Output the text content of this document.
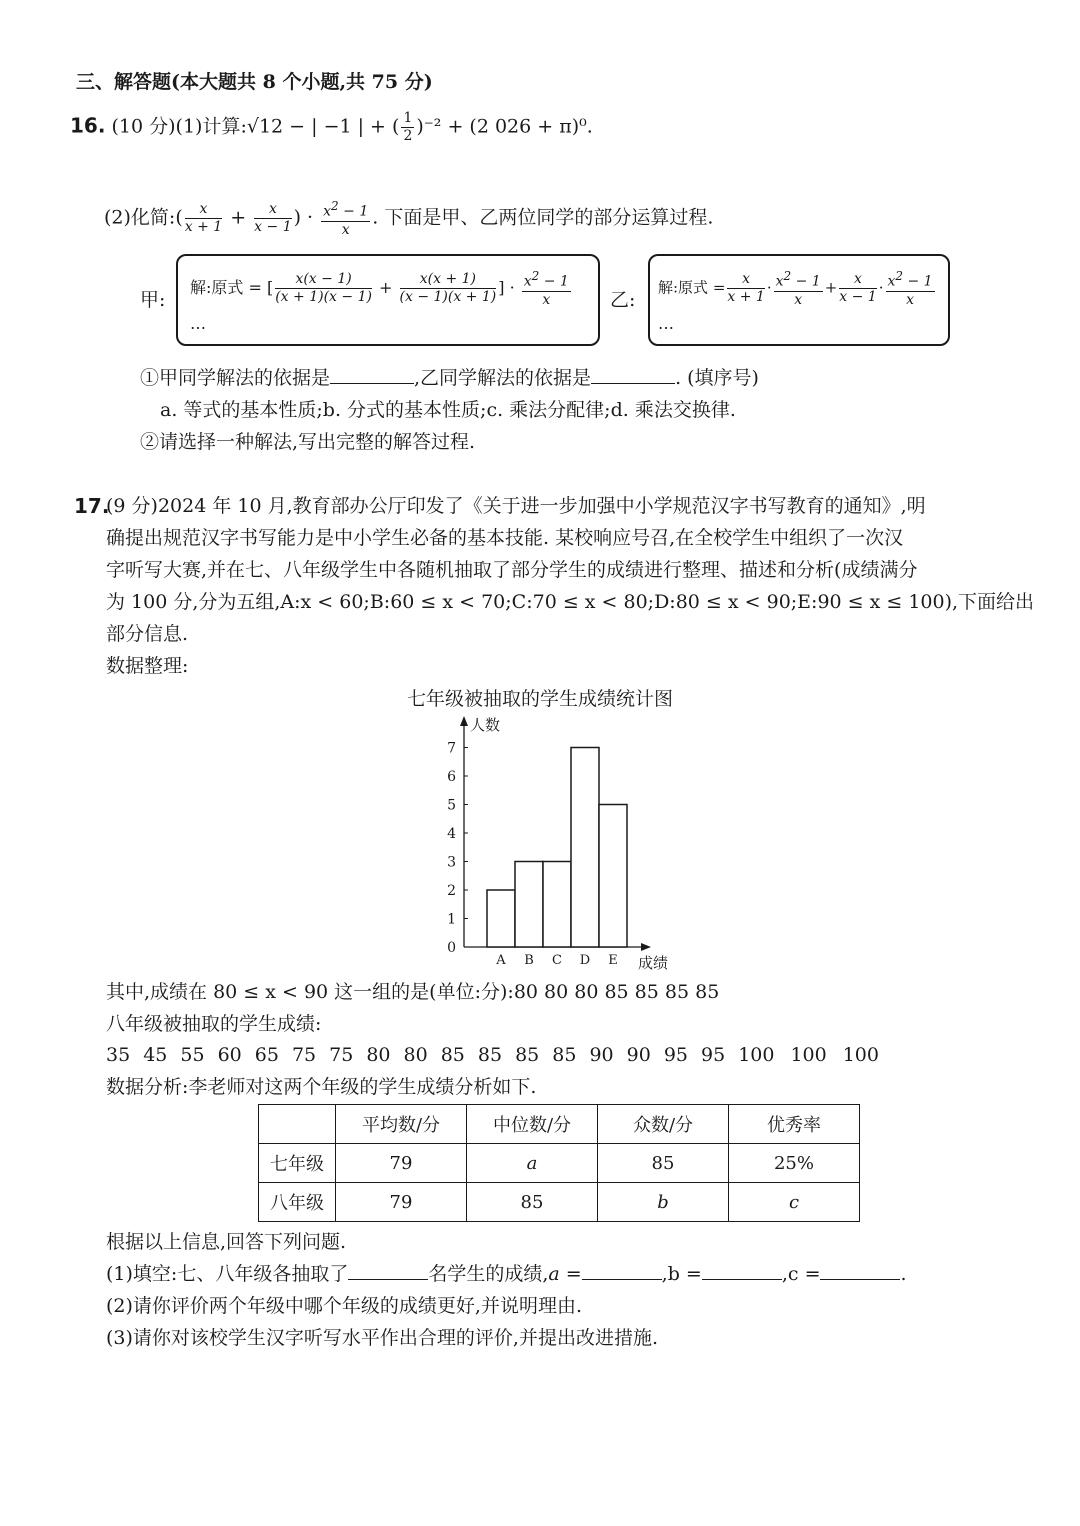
三、解答题(本大题共 8 个小题,共 75 分)
16. (10 分)(1)计算:√12 − | −1 | + ( $\frac{1}{2} )^{-2} + (2$ 026 + π)⁰.
(2)化简:( $\frac{x}{x + 1} + \frac{x}{x - 1}$ ) · $\frac{x^2 - 1}{x}$ . 下面是甲、乙两位同学的部分运算过程.
甲:
解:原式 = [ $\frac{x(x - 1)}{(x + 1)(x - 1)} + \frac{x(x + 1)}{(x - 1)(x + 1)}$ ] · $\frac{x^2 - 1}{x}$
…
乙:
解:原式 = $\frac{x}{x + 1} \cdot \frac{x^2 - 1}{x} + \frac{x}{x - 1} \cdot \frac{x^2 - 1}{x}$
…
①甲同学解法的依据是	,乙同学解法的依据是	. (填序号)
a. 等式的基本性质;b. 分式的基本性质;c. 乘法分配律;d. 乘法交换律.
②请选择一种解法,写出完整的解答过程.
17.
(9 分)2024 年 10 月,教育部办公厅印发了《关于进一步加强中小学规范汉字书写教育的通知》,明
确提出规范汉字书写能力是中小学生必备的基本技能. 某校响应号召,在全校学生中组织了一次汉
字听写大赛,并在七、八年级学生中各随机抽取了部分学生的成绩进行整理、描述和分析(成绩满分
为 100 分,分为五组,A:x < 60;B:60 ≤ x < 70;C:70 ≤ x < 80;D:80 ≤ x < 90;E:90 ≤ x ≤ 100),下面给出
部分信息.
数据整理:
七年级被抽取的学生成绩统计图
人数
成绩
0
1
2
3
4
5
6
7
A B C D E
其中,成绩在 80 ≤ x < 90 这一组的是(单位:分):80 80 80 85 85 85 85
八年级被抽取的学生成绩:
35 45 55 60 65 75 75 80 80 85 85 85 85 90 90 95 95 100 100 100
数据分析:李老师对这两个年级的学生成绩分析如下.
	平均数/分	中位数/分	众数/分	优秀率
七年级	79	a	85	25%
八年级	79	85	b	c
根据以上信息,回答下列问题.
(1)填空:七、八年级各抽取了	名学生的成绩,a =	,b =	,c =	.
(2)请你评价两个年级中哪个年级的成绩更好,并说明理由.
(3)请你对该校学生汉字听写水平作出合理的评价,并提出改进措施.
